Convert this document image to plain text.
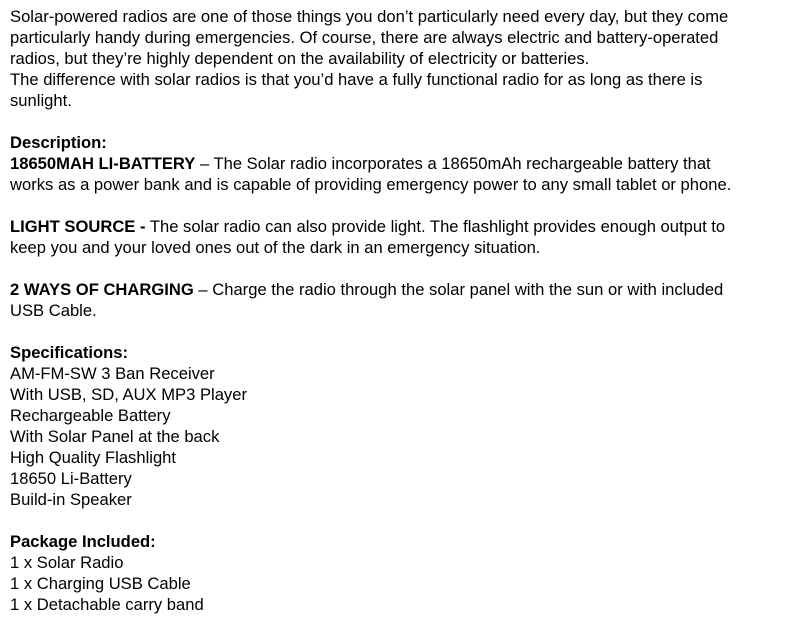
Solar-powered radios are one of those things you don’t particularly need every day, but they come
particularly handy during emergencies. Of course, there are always electric and battery-operated
radios, but they’re highly dependent on the availability of electricity or batteries.
The difference with solar radios is that you’d have a fully functional radio for as long as there is
sunlight.
Description:
18650MAH LI-BATTERY – The Solar radio incorporates a 18650mAh rechargeable battery that
works as a power bank and is capable of providing emergency power to any small tablet or phone.
LIGHT SOURCE - The solar radio can also provide light. The flashlight provides enough output to
keep you and your loved ones out of the dark in an emergency situation.
2 WAYS OF CHARGING – Charge the radio through the solar panel with the sun or with included
USB Cable.
Specifications:
AM-FM-SW 3 Ban Receiver
With USB, SD, AUX MP3 Player
Rechargeable Battery
With Solar Panel at the back
High Quality Flashlight
18650 Li-Battery
Build-in Speaker
Package Included:
1 x Solar Radio
1 x Charging USB Cable
1 x Detachable carry band
